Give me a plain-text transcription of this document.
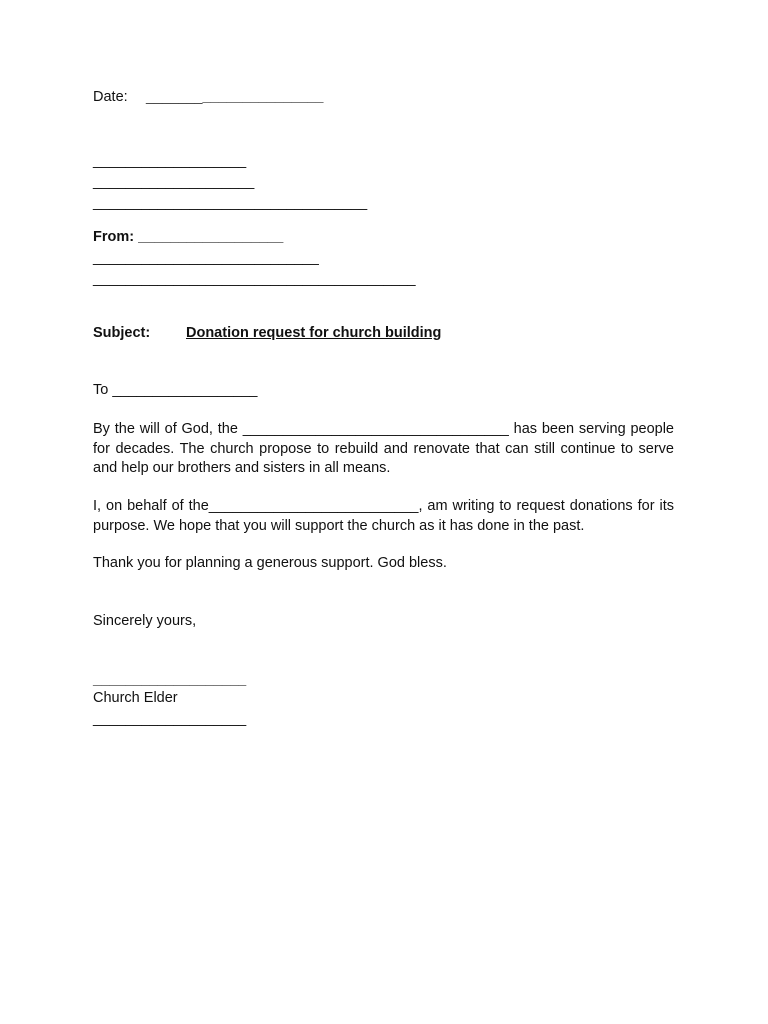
Date: ______________________
___________________
____________________
__________________________________
From: __________________
____________________________
________________________________________
Subject: Donation request for church building
To __________________

By the will of God, the _________________________________ has been serving people for decades. The church propose to rebuild and renovate that can still continue to serve and help our brothers and sisters in all means.

I, on behalf of the__________________________, am writing to request donations for its purpose. We hope that you will support the church as it has done in the past.

Thank you for planning a generous support. God bless.

Sincerely yours,
___________________
Church Elder
___________________
